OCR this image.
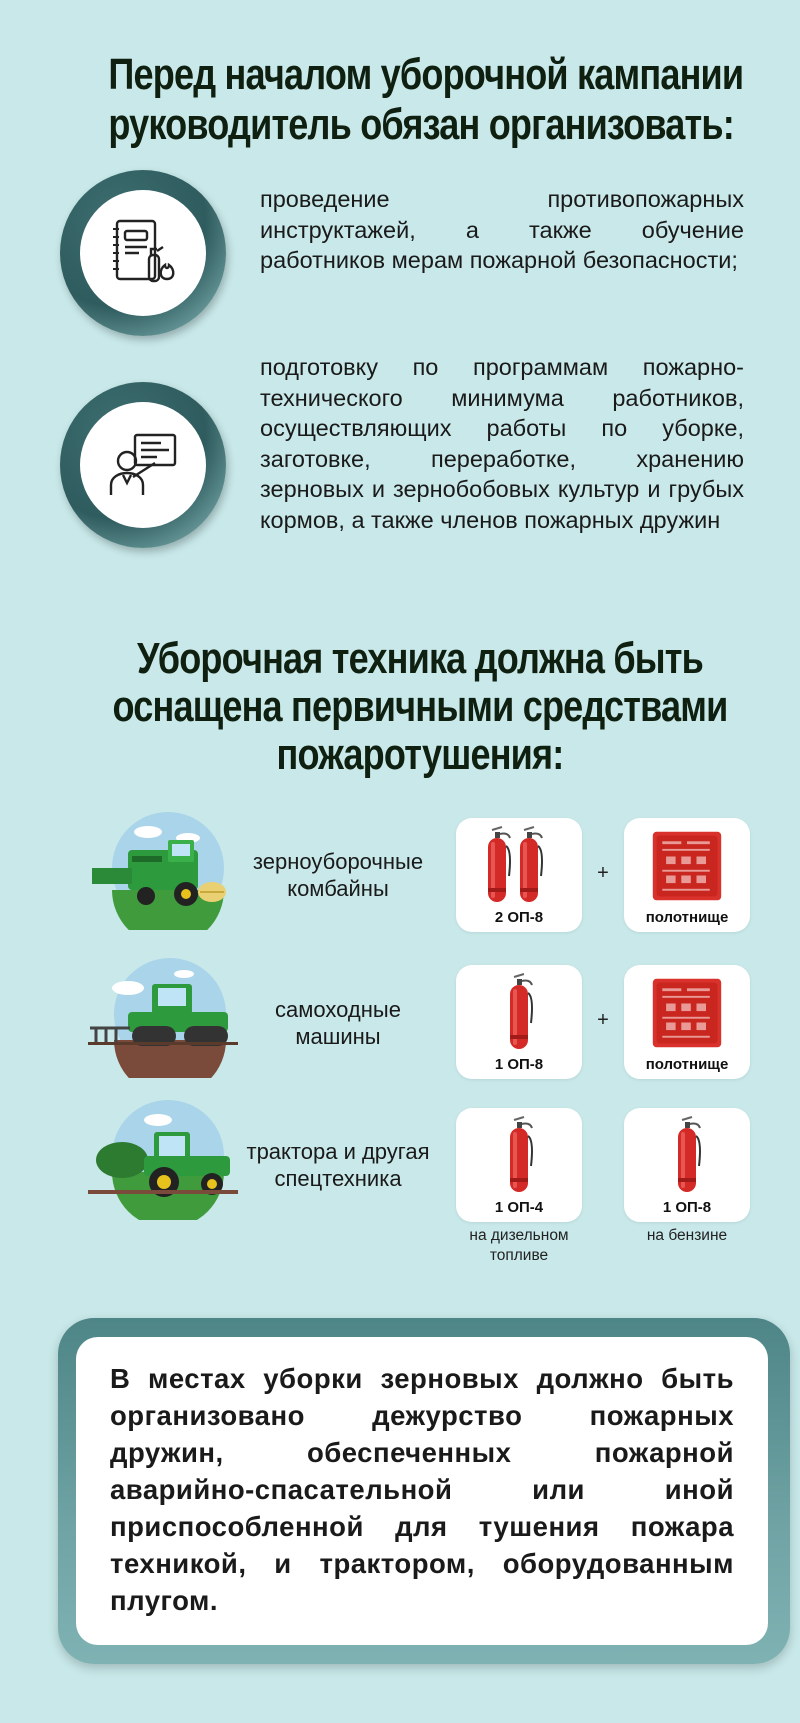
Перед началом уборочной кампании
руководитель обязан организовать:
проведение противопожарных инструктажей, а также обучение работников мерам пожарной безопасности;
подготовку по программам пожарно-технического минимума работников, осуществляющих работы по уборке, заготовке, переработке, хранению зерновых и зернобобовых культур и грубых кормов, а также членов пожарных дружин
Уборочная техника должна быть
оснащена первичными средствами
пожаротушения:
зерноуборочные
комбайны
2 ОП-8
+
полотнище
самоходные
машины
1 ОП-8
+
полотнище
трактора и другая
спецтехника
1 ОП-4
на дизельном
топливе
1 ОП-8
на бензине
В местах уборки зерновых должно быть организовано дежурство пожарных дружин, обеспеченных пожарной аварийно-спасательной или иной приспособленной для тушения пожара техникой, и трактором, оборудованным плугом.
